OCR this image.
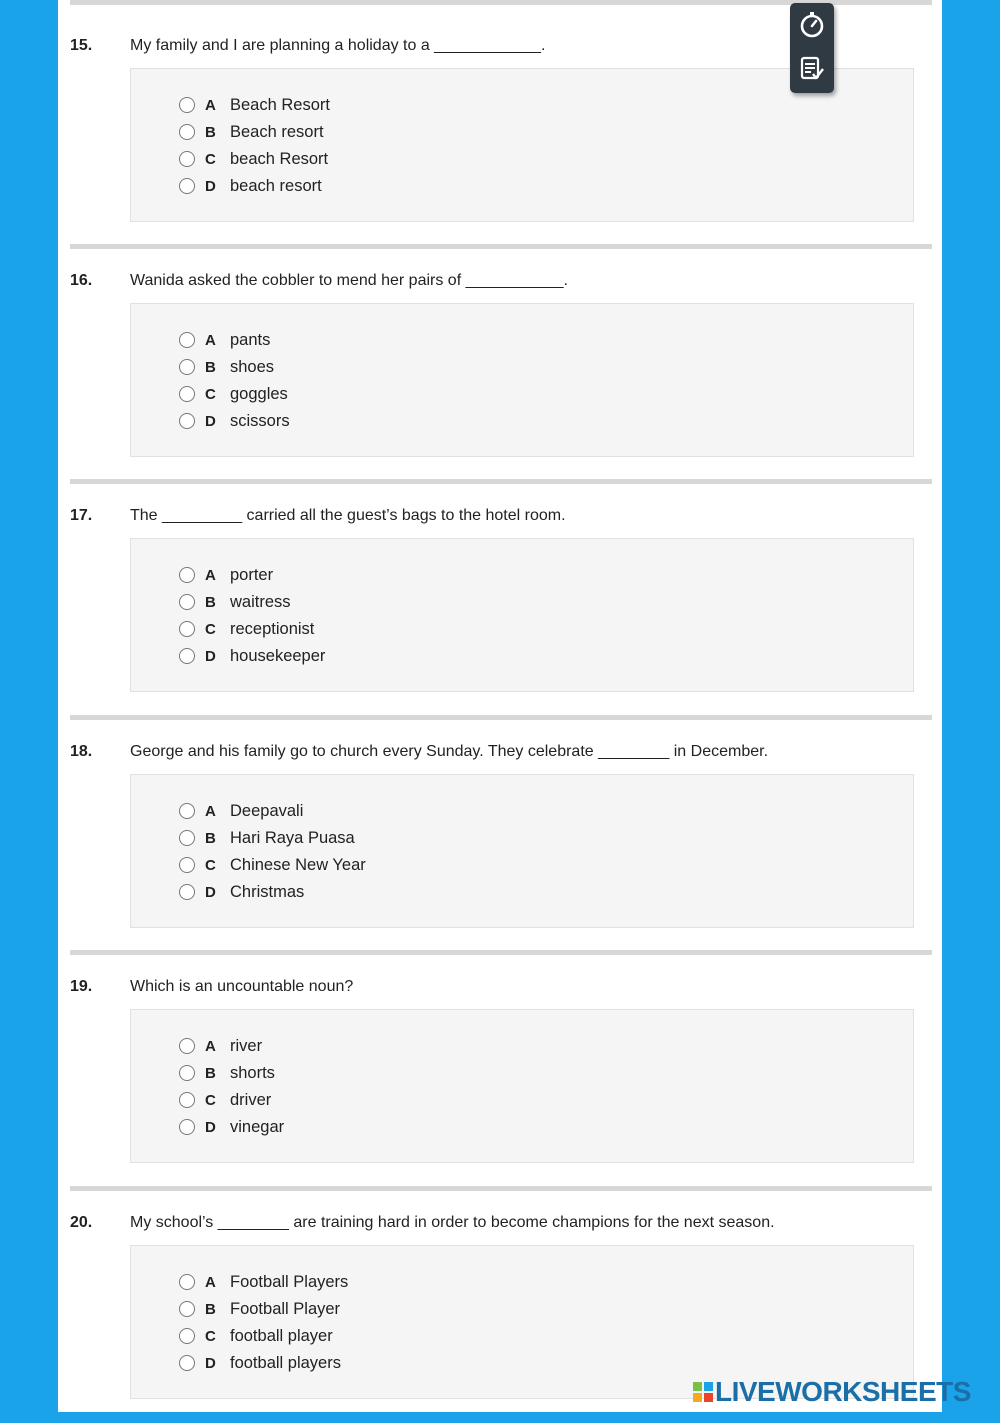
15. My family and I are planning a holiday to a ____________.
A Beach Resort
B Beach resort
C beach Resort
D beach resort
16. Wanida asked the cobbler to mend her pairs of ___________.
A pants
B shoes
C goggles
D scissors
17. The _________ carried all the guest’s bags to the hotel room.
A porter
B waitress
C receptionist
D housekeeper
18. George and his family go to church every Sunday. They celebrate ________ in December.
A Deepavali
B Hari Raya Puasa
C Chinese New Year
D Christmas
19. Which is an uncountable noun?
A river
B shorts
C driver
D vinegar
20. My school’s ________ are training hard in order to become champions for the next season.
A Football Players
B Football Player
C football player
D football players
LIVEWORKSHEETS
